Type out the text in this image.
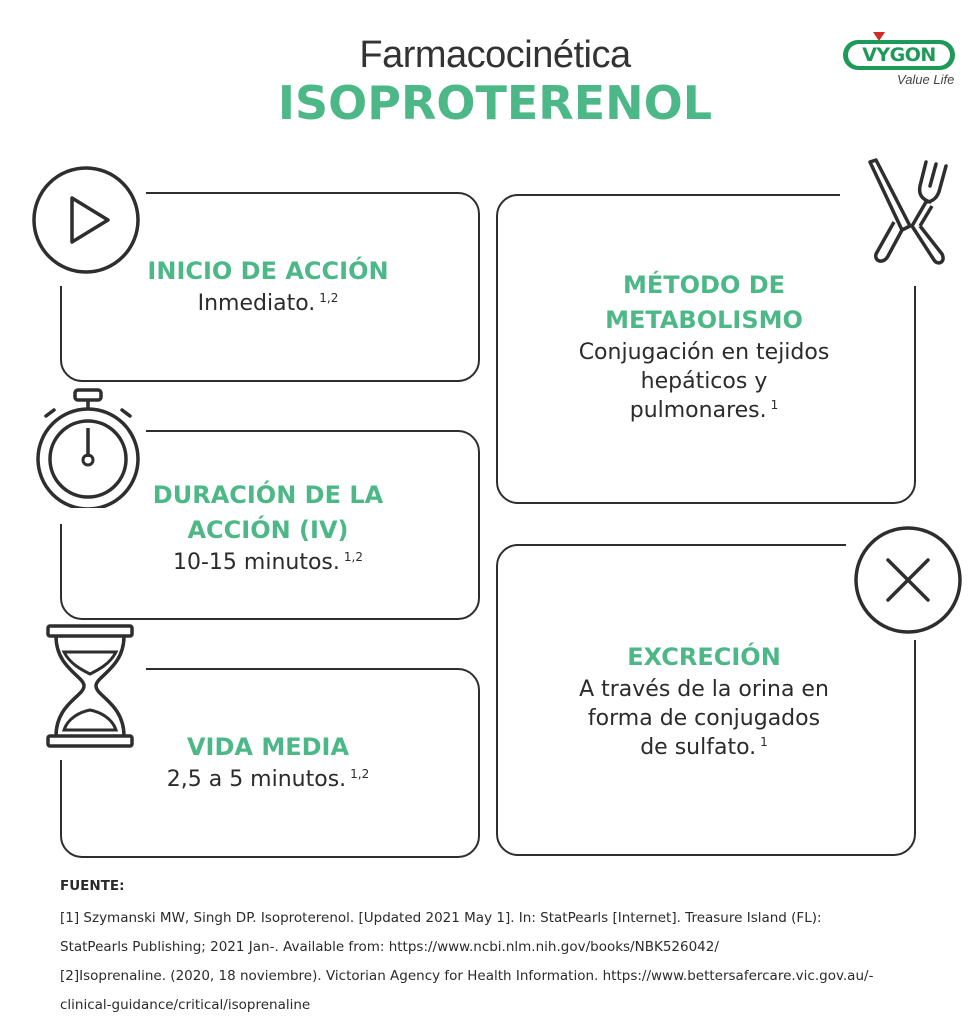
Farmacocinética
ISOPROTERENOL
VYGON
Value Life
INICIO DE ACCIÓN
Inmediato. $^{1,2}$
DURACIÓN DE LA
ACCIÓN (IV)
10-15 minutos. $^{1,2}$
VIDA MEDIA
2,5 a 5 minutos. $^{1,2}$
MÉTODO DE
METABOLISMO
Conjugación en tejidos
hepáticos y
pulmonares. $^1$
EXCRECIÓN
A través de la orina en
forma de conjugados
de sulfato. $^1$
FUENTE:
[1] Szymanski MW, Singh DP. Isoproterenol. [Updated 2021 May 1]. In: StatPearls [Internet]. Treasure Island (FL):
StatPearls Publishing; 2021 Jan-. Available from: https://www.ncbi.nlm.nih.gov/books/NBK526042/
[2]Isoprenaline. (2020, 18 noviembre). Victorian Agency for Health Information. https://www.bettersafercare.vic.gov.au/-
clinical-guidance/critical/isoprenaline
